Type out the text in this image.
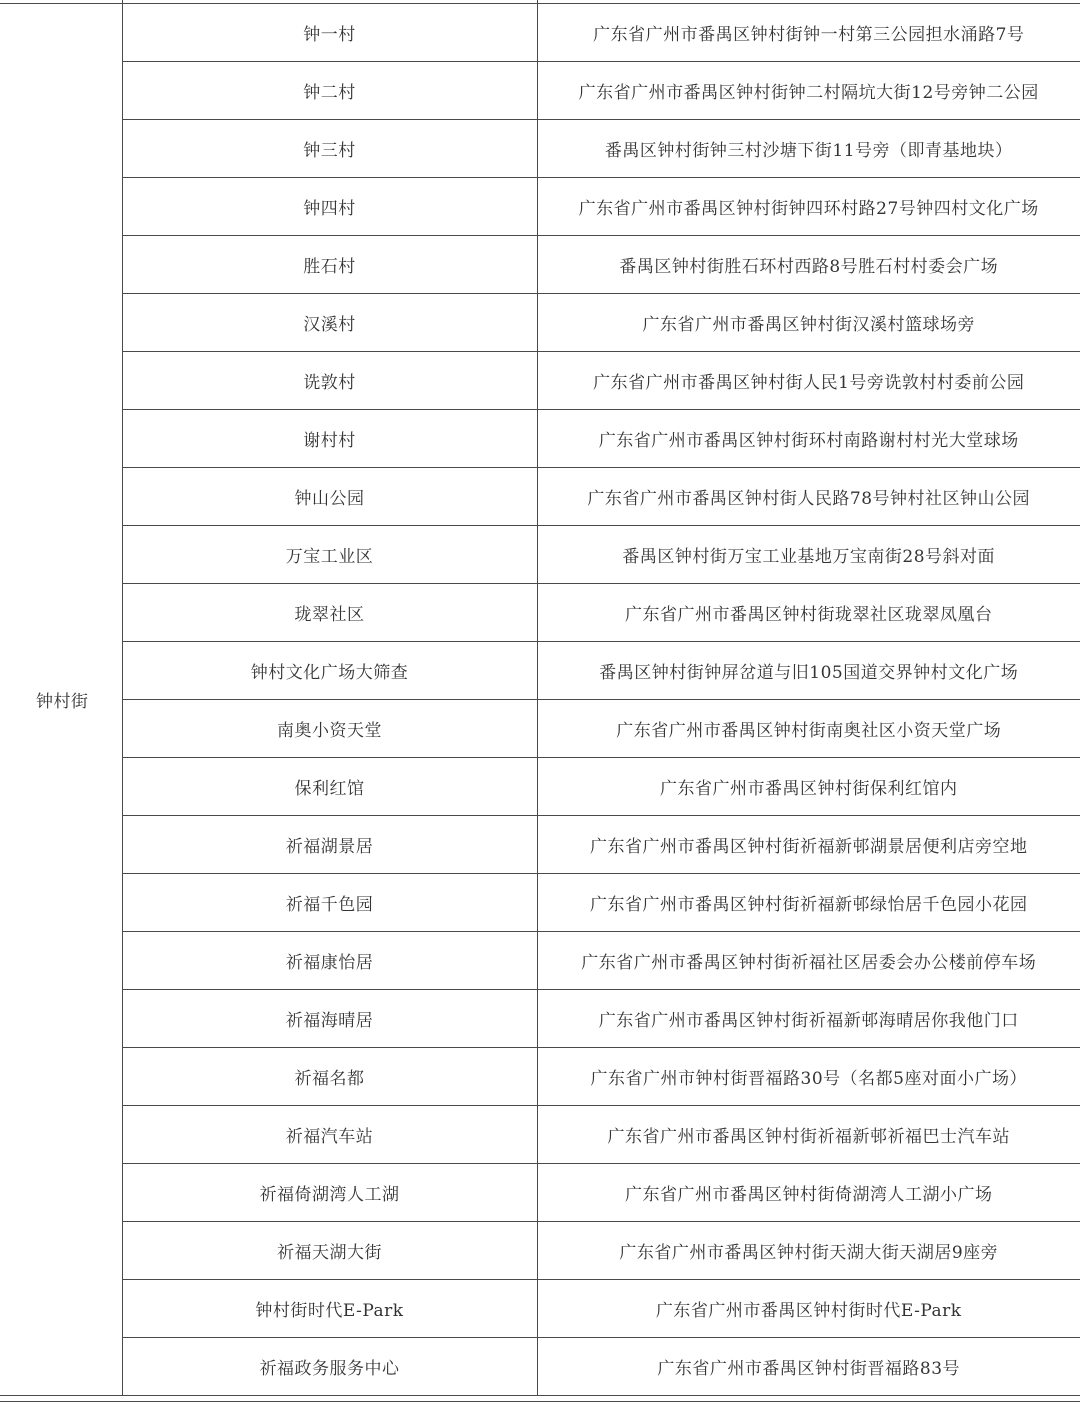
钟村街	钟一村	广东省广州市番禺区钟村街钟一村第三公园担水涌路7号
	钟二村	广东省广州市番禺区钟村街钟二村隔坑大街12号旁钟二公园
	钟三村	番禺区钟村街钟三村沙塘下街11号旁（即青基地块）
	钟四村	广东省广州市番禺区钟村街钟四环村路27号钟四村文化广场
	胜石村	番禺区钟村街胜石环村西路8号胜石村村委会广场
	汉溪村	广东省广州市番禺区钟村街汉溪村篮球场旁
	诜敦村	广东省广州市番禺区钟村街人民1号旁诜敦村村委前公园
	谢村村	广东省广州市番禺区钟村街环村南路谢村村光大堂球场
	钟山公园	广东省广州市番禺区钟村街人民路78号钟村社区钟山公园
	万宝工业区	番禺区钟村街万宝工业基地万宝南街28号斜对面
	珑翠社区	广东省广州市番禺区钟村街珑翠社区珑翠凤凰台
	钟村文化广场大筛查	番禺区钟村街钟屏岔道与旧105国道交界钟村文化广场
	南奥小资天堂	广东省广州市番禺区钟村街南奥社区小资天堂广场
	保利红馆	广东省广州市番禺区钟村街保利红馆内
	祈福湖景居	广东省广州市番禺区钟村街祈福新邨湖景居便利店旁空地
	祈福千色园	广东省广州市番禺区钟村街祈福新邨绿怡居千色园小花园
	祈福康怡居	广东省广州市番禺区钟村街祈福社区居委会办公楼前停车场
	祈福海晴居	广东省广州市番禺区钟村街祈福新邨海晴居你我他门口
	祈福名都	广东省广州市钟村街晋福路30号（名都5座对面小广场）
	祈福汽车站	广东省广州市番禺区钟村街祈福新邨祈福巴士汽车站
	祈福倚湖湾人工湖	广东省广州市番禺区钟村街倚湖湾人工湖小广场
	祈福天湖大街	广东省广州市番禺区钟村街天湖大街天湖居9座旁
	钟村街时代E-Park	广东省广州市番禺区钟村街时代E-Park
	祈福政务服务中心	广东省广州市番禺区钟村街晋福路83号
